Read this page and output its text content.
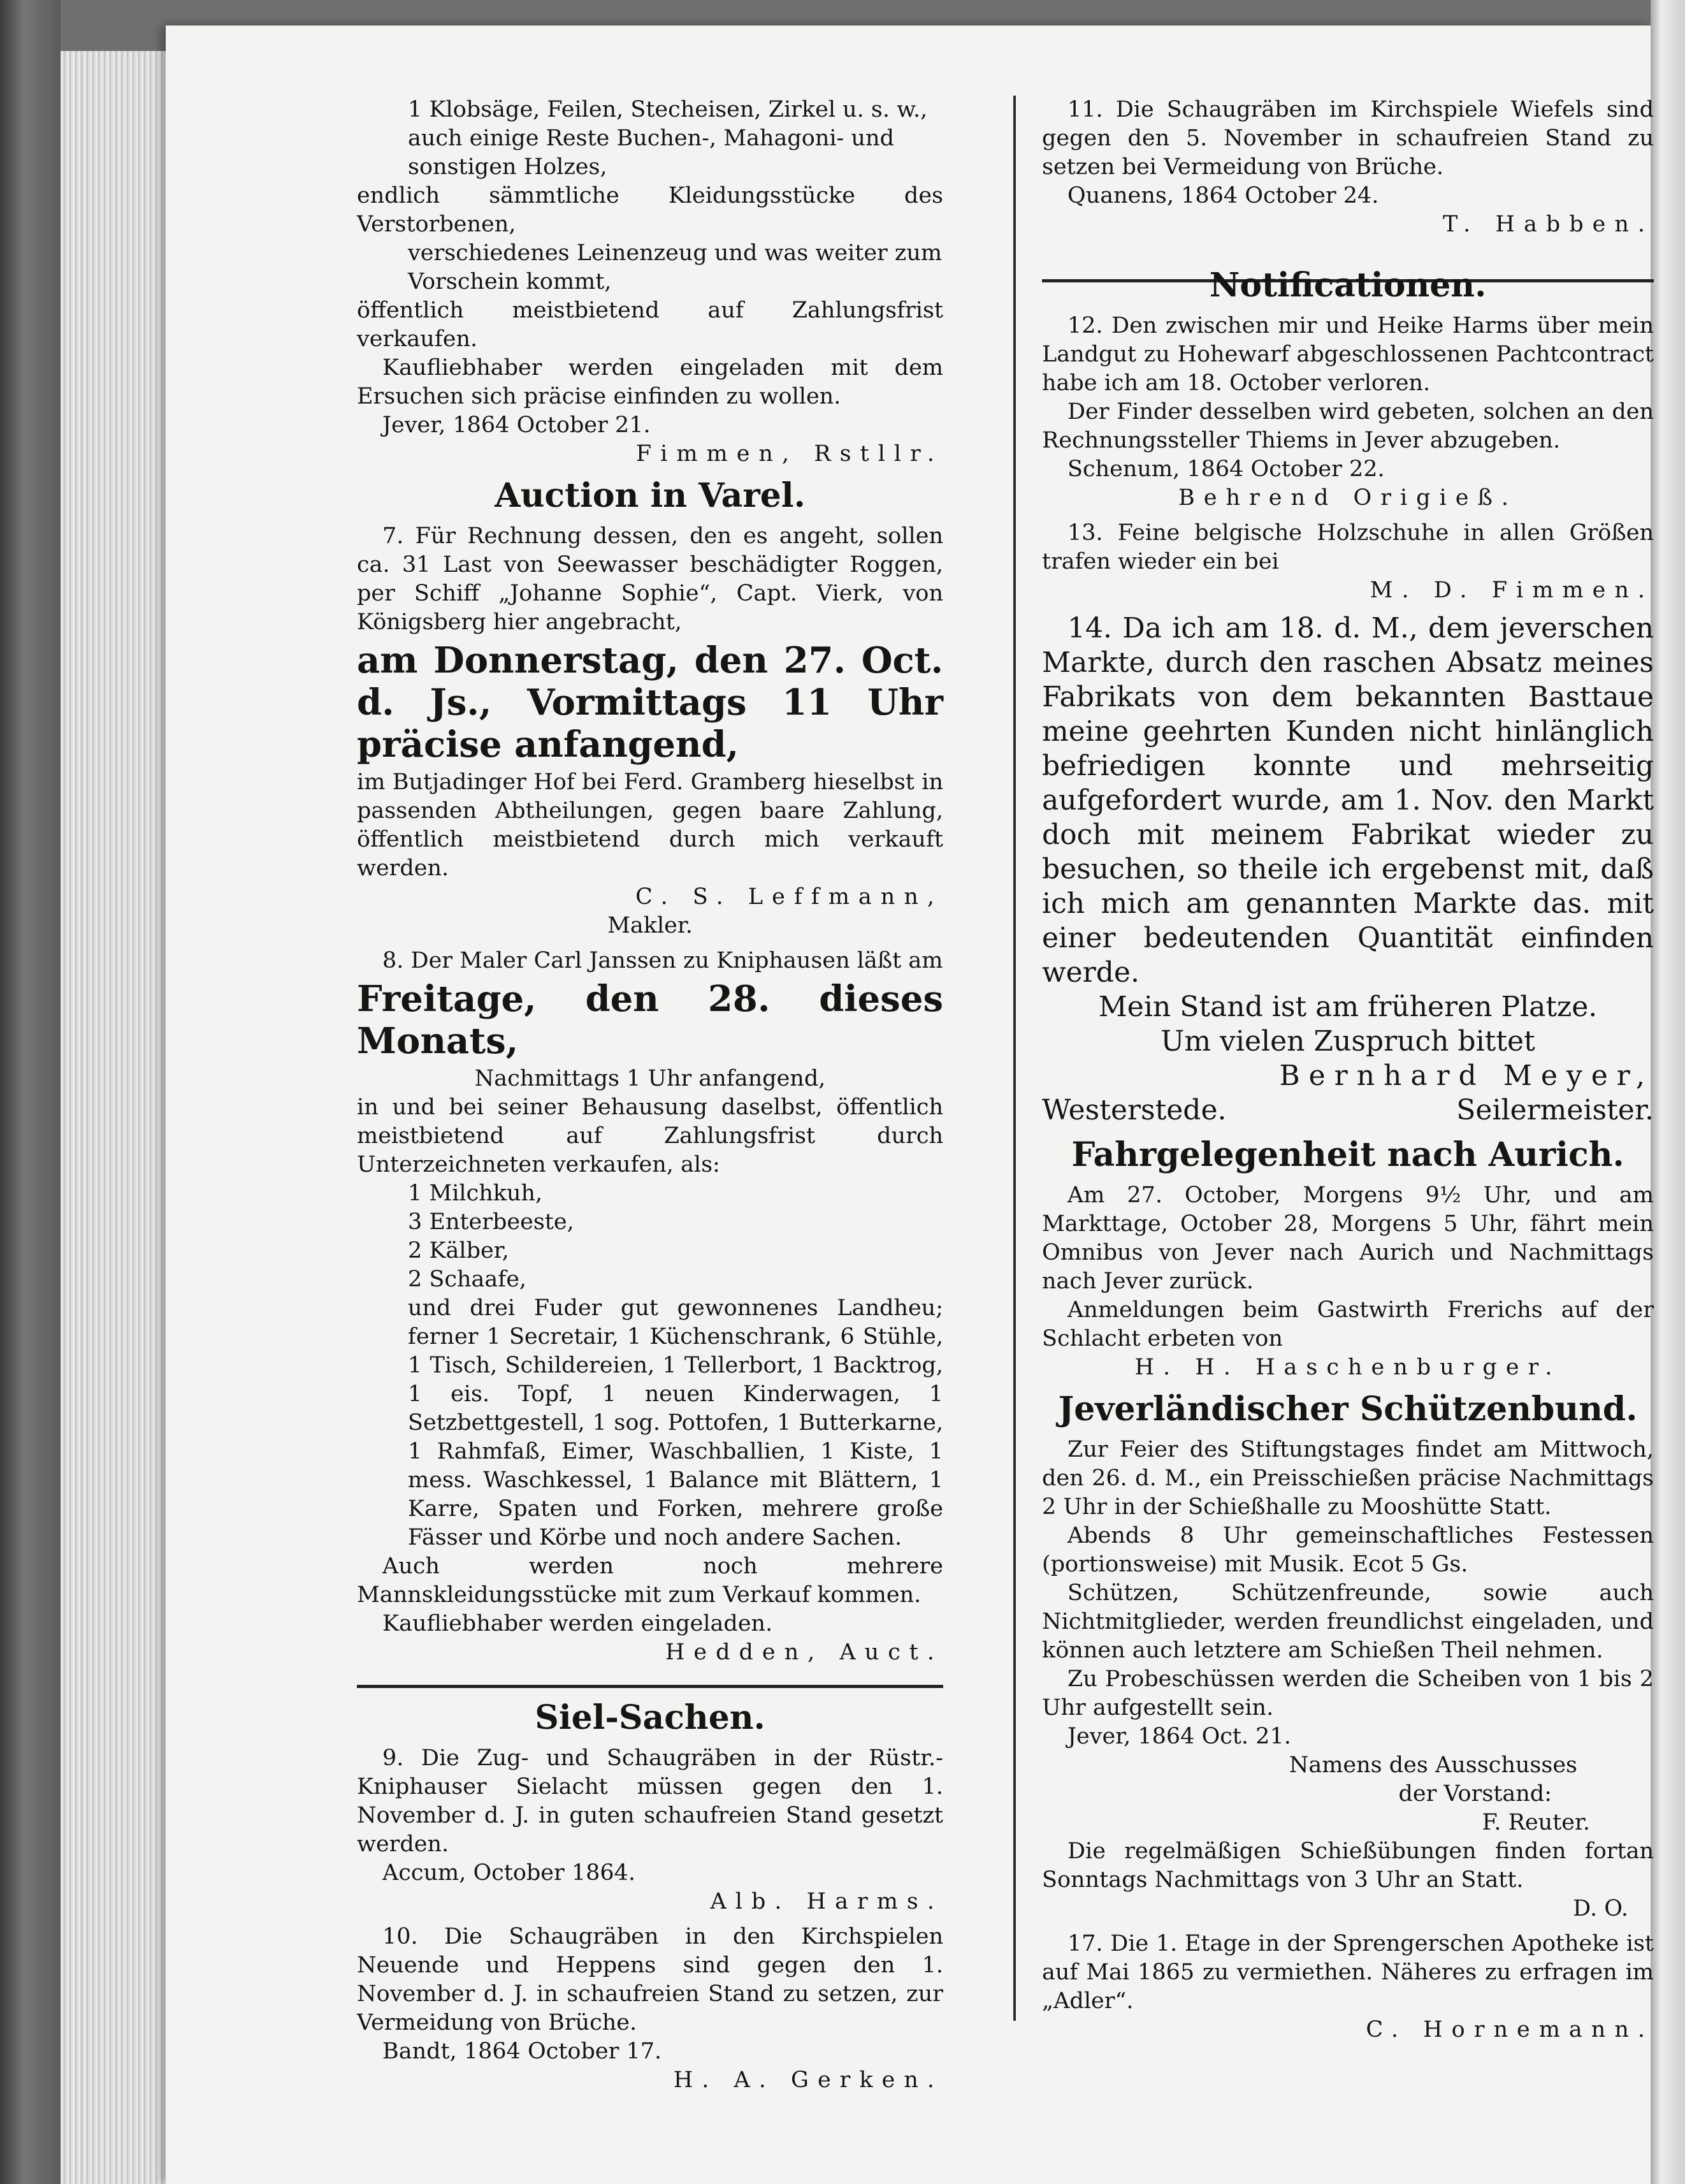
1 Klobsäge, Feilen, Stecheisen, Zirkel u. s. w.,

auch einige Reste Buchen-, Mahagoni- und

sonstigen Holzes,

endlich sämmtliche Kleidungsstücke des Verstorbenen,

verschiedenes Leinenzeug und was weiter zum

Vorschein kommt,

öffentlich meistbietend auf Zahlungsfrist verkaufen.

Kaufliebhaber werden eingeladen mit dem Ersuchen sich präcise einfinden zu wollen.

Jever, 1864 October 21.

Fimmen, Rstllr.

Auction in Varel.

7. Für Rechnung dessen, den es angeht, sollen ca. 31 Last von Seewasser beschädigter Roggen, per Schiff „Johanne Sophie“, Capt. Vierk, von Königsberg hier angebracht,

am Donnerstag, den 27. Oct. d. Js., Vormittags 11 Uhr präcise anfangend,

im Butjadinger Hof bei Ferd. Gramberg hieselbst in passenden Abtheilungen, gegen baare Zahlung, öffentlich meistbietend durch mich verkauft werden.

C. S. Leffmann,

Makler.

8. Der Maler Carl Janssen zu Kniphausen läßt am

Freitage, den 28. dieses Monats,

Nachmittags 1 Uhr anfangend,

in und bei seiner Behausung daselbst, öffentlich meistbietend auf Zahlungsfrist durch Unterzeichneten verkaufen, als:

1 Milchkuh,

3 Enterbeeste,

2 Kälber,

2 Schaafe,

und drei Fuder gut gewonnenes Landheu; ferner 1 Secretair, 1 Küchenschrank, 6 Stühle, 1 Tisch, Schildereien, 1 Tellerbort, 1 Backtrog, 1 eis. Topf, 1 neuen Kinderwagen, 1 Setzbettgestell, 1 sog. Pottofen, 1 Butterkarne, 1 Rahmfaß, Eimer, Waschballien, 1 Kiste, 1 mess. Waschkessel, 1 Balance mit Blättern, 1 Karre, Spaten und Forken, mehrere große Fässer und Körbe und noch andere Sachen.

Auch werden noch mehrere Mannskleidungsstücke mit zum Verkauf kommen.

Kaufliebhaber werden eingeladen.

Hedden, Auct.

Siel-Sachen.

9. Die Zug- und Schaugräben in der Rüstr.-Kniphauser Sielacht müssen gegen den 1. November d. J. in guten schaufreien Stand gesetzt werden.

Accum, October 1864.

Alb. Harms.

10. Die Schaugräben in den Kirchspielen Neuende und Heppens sind gegen den 1. November d. J. in schaufreien Stand zu setzen, zur Vermeidung von Brüche.

Bandt, 1864 October 17.

H. A. Gerken.

11. Die Schaugräben im Kirchspiele Wiefels sind gegen den 5. November in schaufreien Stand zu setzen bei Vermeidung von Brüche.

Quanens, 1864 October 24.

T. Habben.

Notificationen.

12. Den zwischen mir und Heike Harms über mein Landgut zu Hohewarf abgeschlossenen Pachtcontract habe ich am 18. October verloren.

Der Finder desselben wird gebeten, solchen an den Rechnungssteller Thiems in Jever abzugeben.

Schenum, 1864 October 22.

Behrend Origieß.

13. Feine belgische Holzschuhe in allen Größen trafen wieder ein bei

M. D. Fimmen.

14. Da ich am 18. d. M., dem jeverschen Markte, durch den raschen Absatz meines Fabrikats von dem bekannten Basttaue meine geehrten Kunden nicht hinlänglich befriedigen konnte und mehrseitig aufgefordert wurde, am 1. Nov. den Markt doch mit meinem Fabrikat wieder zu besuchen, so theile ich ergebenst mit, daß ich mich am genannten Markte das. mit einer bedeutenden Quantität einfinden werde.

Mein Stand ist am früheren Platze.

Um vielen Zuspruch bittet

Bernhard Meyer,

Westerstede.	Seilermeister.
Fahrgelegenheit nach Aurich.

Am 27. October, Morgens 9½ Uhr, und am Markttage, October 28, Morgens 5 Uhr, fährt mein Omnibus von Jever nach Aurich und Nachmittags nach Jever zurück.

Anmeldungen beim Gastwirth Frerichs auf der Schlacht erbeten von

H. H. Haschenburger.

Jeverländischer Schützenbund.

Zur Feier des Stiftungstages findet am Mittwoch, den 26. d. M., ein Preisschießen präcise Nachmittags 2 Uhr in der Schießhalle zu Mooshütte Statt.

Abends 8 Uhr gemeinschaftliches Festessen (portionsweise) mit Musik. Ecot 5 Gs.

Schützen, Schützenfreunde, sowie auch Nichtmitglieder, werden freundlichst eingeladen, und können auch letztere am Schießen Theil nehmen.

Zu Probeschüssen werden die Scheiben von 1 bis 2 Uhr aufgestellt sein.

Jever, 1864 Oct. 21.

Namens des Ausschusses

der Vorstand:

F. Reuter.

Die regelmäßigen Schießübungen finden fortan Sonntags Nachmittags von 3 Uhr an Statt.

D. O.

17. Die 1. Etage in der Sprengerschen Apotheke ist auf Mai 1865 zu vermiethen. Näheres zu erfragen im „Adler“.

C. Hornemann.
